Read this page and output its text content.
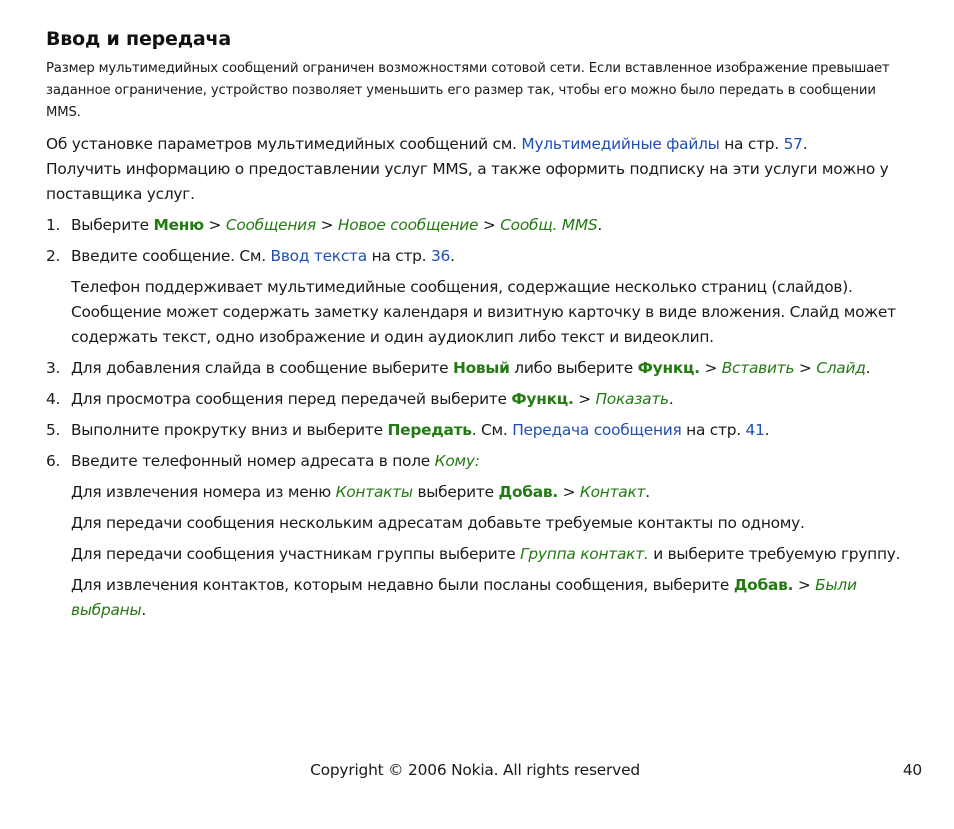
Ввод и передача

Размер мультимедийных сообщений ограничен возможностями сотовой сети. Если вставленное изображение превышает заданное ограничение, устройство позволяет уменьшить его размер так, чтобы его можно было передать в сообщении MMS.

Об установке параметров мультимедийных сообщений см. Мультимедийные файлы на стр. 57.
Получить информацию о предоставлении услуг MMS, а также оформить подписку на эти услуги можно у поставщика услуг.

1. Выберите Меню > Сообщения > Новое сообщение > Сообщ. MMS.
2. Введите сообщение. См. Ввод текста на стр. 36.
Телефон поддерживает мультимедийные сообщения, содержащие несколько страниц (слайдов). Сообщение может содержать заметку календаря и визитную карточку в виде вложения. Слайд может содержать текст, одно изображение и один аудиоклип либо текст и видеоклип.
3. Для добавления слайда в сообщение выберите Новый либо выберите Функц. > Вставить > Слайд.
4. Для просмотра сообщения перед передачей выберите Функц. > Показать.
5. Выполните прокрутку вниз и выберите Передать. См. Передача сообщения на стр. 41.
6. Введите телефонный номер адресата в поле Кому:
Для извлечения номера из меню Контакты выберите Добав. > Контакт.
Для передачи сообщения нескольким адресатам добавьте требуемые контакты по одному.
Для передачи сообщения участникам группы выберите Группа контакт. и выберите требуемую группу.
Для извлечения контактов, которым недавно были посланы сообщения, выберите Добав. > Были выбраны.
Copyright © 2006 Nokia. All rights reserved	40
